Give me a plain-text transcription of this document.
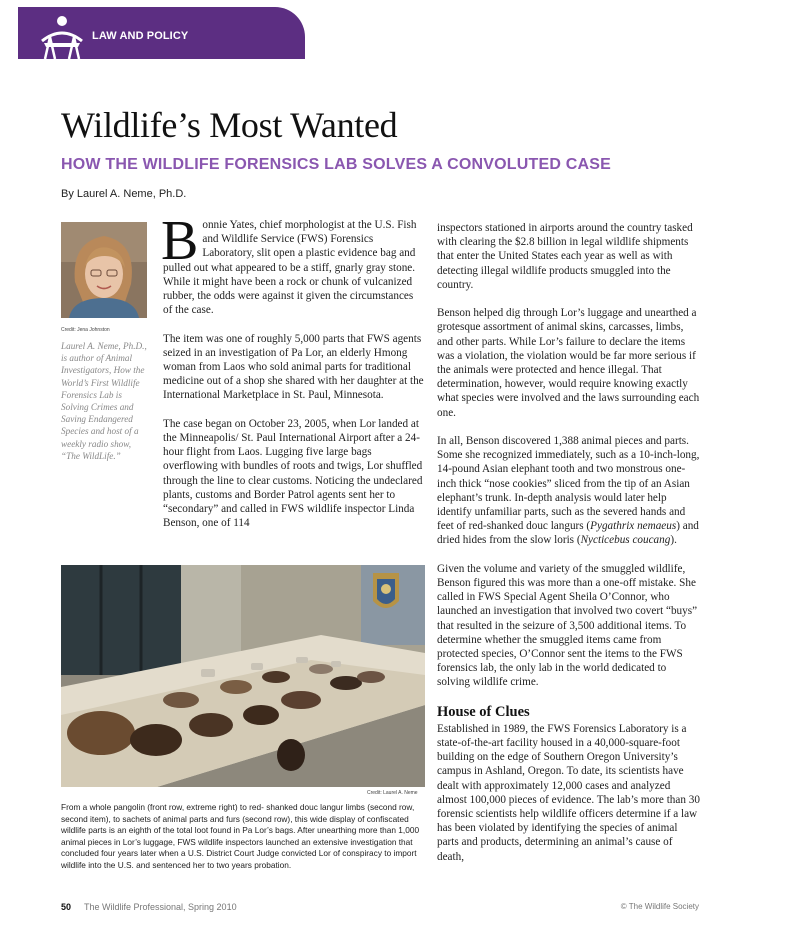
LAW AND POLICY
Wildlife’s Most Wanted
HOW THE WILDLIFE FORENSICS LAB SOLVES A CONVOLUTED CASE
By Laurel A. Neme, Ph.D.
Credit: Jena Johnston

Laurel A. Neme, Ph.D., is author of Animal Investigators, How the World’s First Wildlife Forensics Lab is Solving Crimes and Saving Endangered Species and host of a weekly radio show, “The WildLife.”

Bonnie Yates, chief morphologist at the U.S. Fish and Wildlife Service (FWS) Forensics Laboratory, slit open a plastic evidence bag and pulled out what appeared to be a stiff, gnarly gray stone. While it might have been a rock or chunk of vulcanized rubber, the odds were against it given the circumstances of the case.

The item was one of roughly 5,000 parts that FWS agents seized in an investigation of Pa Lor, an elderly Hmong woman from Laos who sold animal parts for traditional medicine out of a shop she shared with her daughter at the International Marketplace in St. Paul, Minnesota.

The case began on October 23, 2005, when Lor landed at the Minneapolis/ St. Paul International Airport after a 24-hour flight from Laos. Lugging five large bags overflowing with bundles of roots and twigs, Lor shuffled through the line to clear customs. Noticing the undeclared plants, customs and Border Patrol agents sent her to “secondary” and called in FWS wildlife inspector Linda Benson, one of 114

inspectors stationed in airports around the country tasked with clearing the $2.8 billion in legal wildlife shipments that enter the United States each year as well as with detecting illegal wildlife products smuggled into the country.

Benson helped dig through Lor’s luggage and unearthed a grotesque assortment of animal skins, carcasses, limbs, and other parts. While Lor’s failure to declare the items was a violation, the violation would be far more serious if the animals were protected and hence illegal. That determination, however, would require knowing exactly what species were involved and the laws surrounding each one.

In all, Benson discovered 1,388 animal pieces and parts. Some she recognized immediately, such as a 10-inch-long, 14-pound Asian elephant tooth and two monstrous one-inch thick “nose cookies” sliced from the tip of an Asian elephant’s trunk. In-depth analysis would later help identify unfamiliar parts, such as the severed hands and feet of red-shanked douc langurs (Pygathrix nemaeus) and dried hides from the slow loris (Nycticebus coucang).

Given the volume and variety of the smuggled wildlife, Benson figured this was more than a one-off mistake. She called in FWS Special Agent Sheila O’Connor, who launched an investigation that involved two covert “buys” that resulted in the seizure of 3,500 additional items. To determine whether the smuggled items came from protected species, O’Connor sent the items to the FWS forensics lab, the only lab in the world dedicated to solving wildlife crime.

House of Clues

Established in 1989, the FWS Forensics Laboratory is a state-of-the-art facility housed in a 40,000-square-foot building on the edge of Southern Oregon University’s campus in Ashland, Oregon. To date, its scientists have dealt with approximately 12,000 cases and analyzed almost 100,000 pieces of evidence. The lab’s more than 30 forensic scientists help wildlife officers determine if a law has been violated by identifying the species of animal parts and products, determining an animal’s cause of death,

Credit: Laurel A. Neme

From a whole pangolin (front row, extreme right) to red- shanked douc langur limbs (second row, second item), to sachets of animal parts and furs (second row), this wide display of confiscated wildlife parts is an eighth of the total loot found in Pa Lor’s bags. After unearthing more than 1,000 animal pieces in Lor’s luggage, FWS wildlife inspectors launched an extensive investigation that concluded four years later when a U.S. District Court Judge convicted Lor of conspiracy to import wildlife into the U.S. and sentenced her to two years probation.

50 The Wildlife Professional, Spring 2010	© The Wildlife Society
